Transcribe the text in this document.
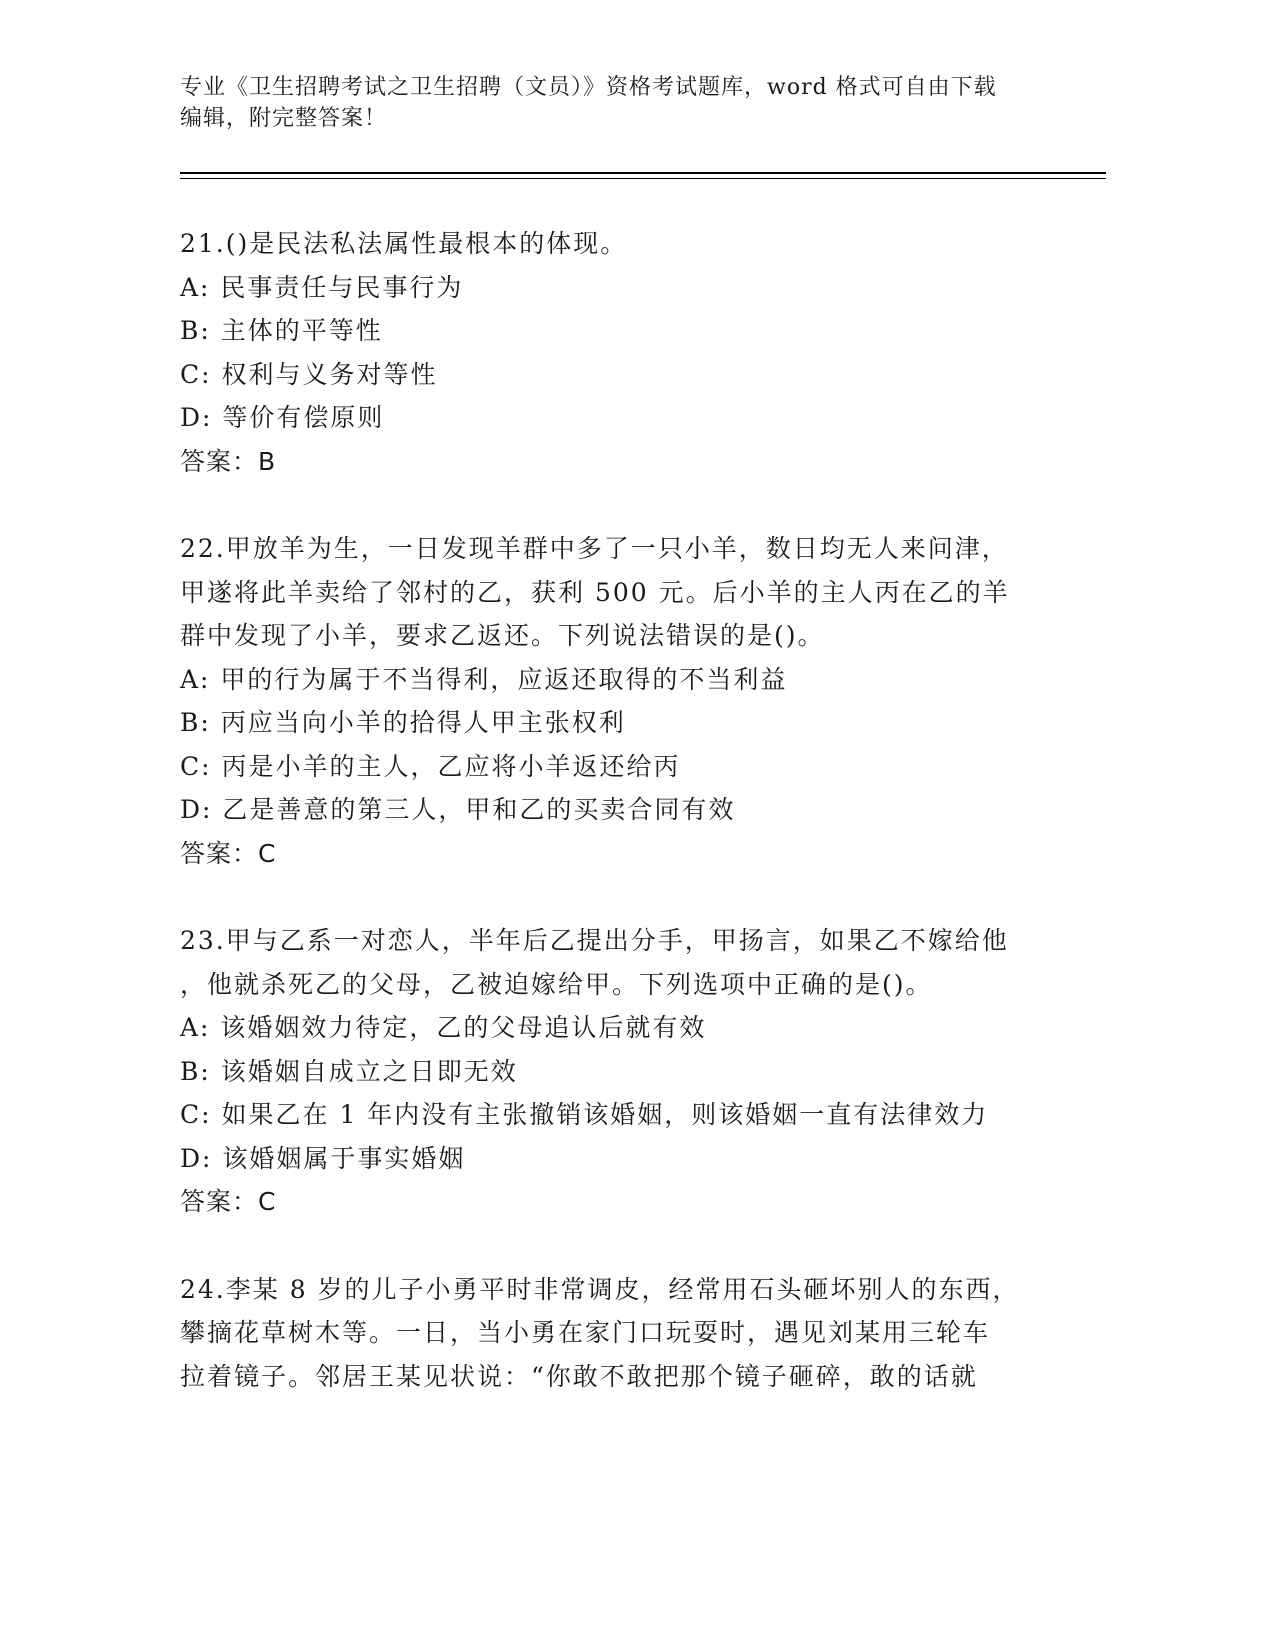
专业《卫生招聘考试之卫生招聘（文员）》资格考试题库，word 格式可自由下载

编辑，附完整答案！

21.()是民法私法属性最根本的体现。
A: 民事责任与民事行为
B: 主体的平等性
C: 权利与义务对等性
D: 等价有偿原则
答案：B
22.甲放羊为生，一日发现羊群中多了一只小羊，数日均无人来问津，
甲遂将此羊卖给了邻村的乙，获利 500 元。后小羊的主人丙在乙的羊
群中发现了小羊，要求乙返还。下列说法错误的是()。
A: 甲的行为属于不当得利，应返还取得的不当利益
B: 丙应当向小羊的拾得人甲主张权利
C: 丙是小羊的主人，乙应将小羊返还给丙
D: 乙是善意的第三人，甲和乙的买卖合同有效
答案：C
23.甲与乙系一对恋人，半年后乙提出分手，甲扬言，如果乙不嫁给他
，他就杀死乙的父母，乙被迫嫁给甲。下列选项中正确的是()。
A: 该婚姻效力待定，乙的父母追认后就有效
B: 该婚姻自成立之日即无效
C: 如果乙在 1 年内没有主张撤销该婚姻，则该婚姻一直有法律效力
D: 该婚姻属于事实婚姻
答案：C
24.李某 8 岁的儿子小勇平时非常调皮，经常用石头砸坏别人的东西，
攀摘花草树木等。一日，当小勇在家门口玩耍时，遇见刘某用三轮车
拉着镜子。邻居王某见状说：“你敢不敢把那个镜子砸碎，敢的话就
